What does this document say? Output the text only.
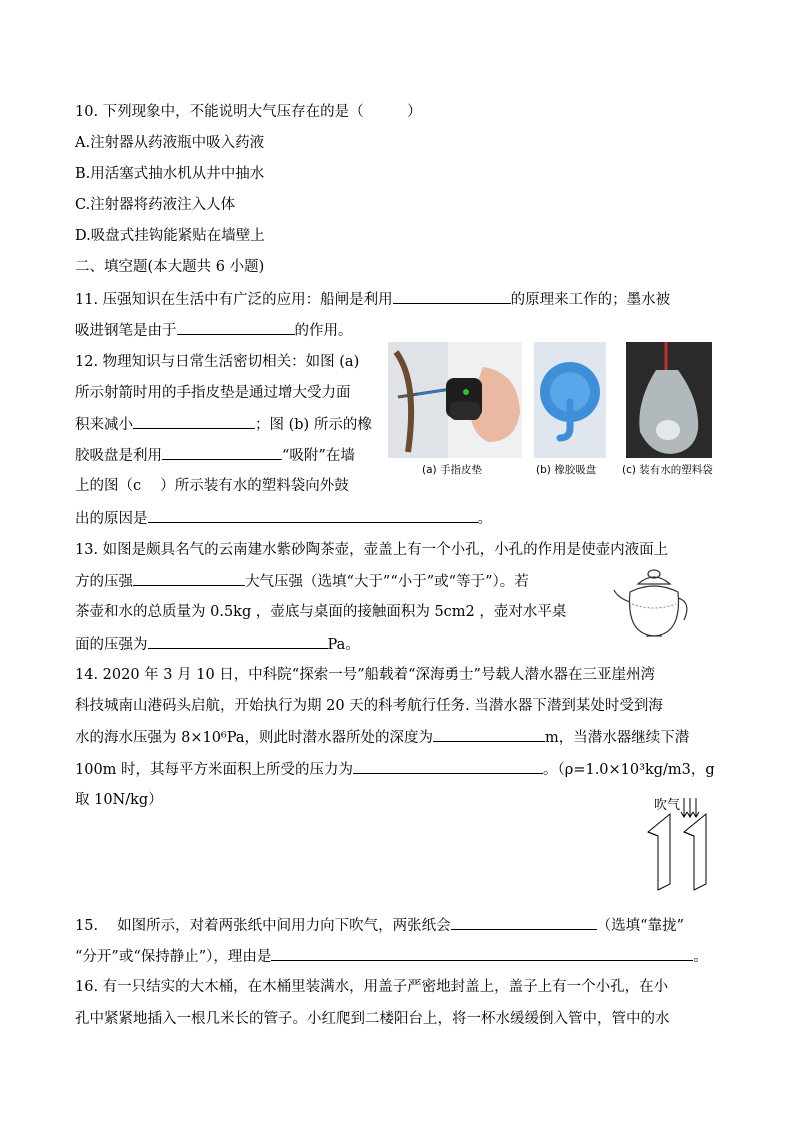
10. 下列现象中，不能说明大气压存在的是（　　　）
A.注射器从药液瓶中吸入药液
B.用活塞式抽水机从井中抽水
C.注射器将药液注入人体
D.吸盘式挂钩能紧贴在墙壁上
二、填空题(本大题共 6 小题)
11. 压强知识在生活中有广泛的应用：船闸是利用	的原理来工作的；墨水被
吸进钢笔是由于	的作用。
12. 物理知识与日常生活密切相关：如图 (a)
所示射箭时用的手指皮垫是通过增大受力面
积来减小	；图 (b) 所示的橡
胶吸盘是利用	“吸附”在墙
上的图（c　 ）所示装有水的塑料袋向外鼓
出的原因是	。
(a) 手指皮垫	(b) 橡胶吸盘 (c) 装有水的塑料袋
13. 如图是颇具名气的云南建水紫砂陶茶壶，壶盖上有一个小孔，小孔的作用是使壶内液面上
方的压强	大气压强（选填“大于”“小于”或“等于”）。若
茶壶和水的总质量为 0.5kg ，壶底与桌面的接触面积为 5cm2 ，壶对水平桌
面的压强为	Pa。
14. 2020 年 3 月 10 日，中科院“探索一号”船载着“深海勇士”号载人潜水器在三亚崖州湾
科技城南山港码头启航，开始执行为期 20 天的科考航行任务. 当潜水器下潜到某处时受到海
水的海水压强为 8×10⁶Pa，则此时潜水器所处的深度为	m，当潜水器继续下潜
100m 时，其每平方米面积上所受的压力为	。（ρ=1.0×10³kg/m3，g
取 10N/kg）	吹气
15.　 如图所示，对着两张纸中间用力向下吹气，两张纸会	（选填“靠拢”
“分开”或“保持静止”），理由是	。
16. 有一只结实的大木桶，在木桶里装满水，用盖子严密地封盖上，盖子上有一个小孔，在小
孔中紧紧地插入一根几米长的管子。小红爬到二楼阳台上，将一杯水缓缓倒入管中，管中的水
